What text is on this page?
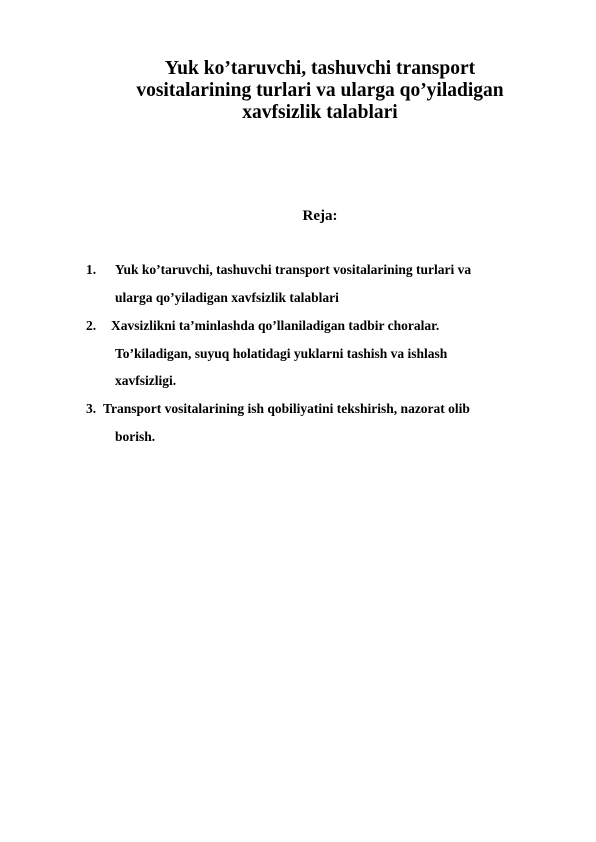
Yuk ko’taruvchi, tashuvchi transport
vositalarining turlari va ularga qo’yiladigan
xavfsizlik talablari
Reja:
1. Yuk ko’taruvchi, tashuvchi transport vositalarining turlari va
ularga qo’yiladigan xavfsizlik talablari
2. Xavsizlikni ta’minlashda qo’llaniladigan tadbir choralar.
To’kiladigan, suyuq holatidagi yuklarni tashish va ishlash
xavfsizligi.
3. Transport vositalarining ish qobiliyatini tekshirish, nazorat olib
borish.
